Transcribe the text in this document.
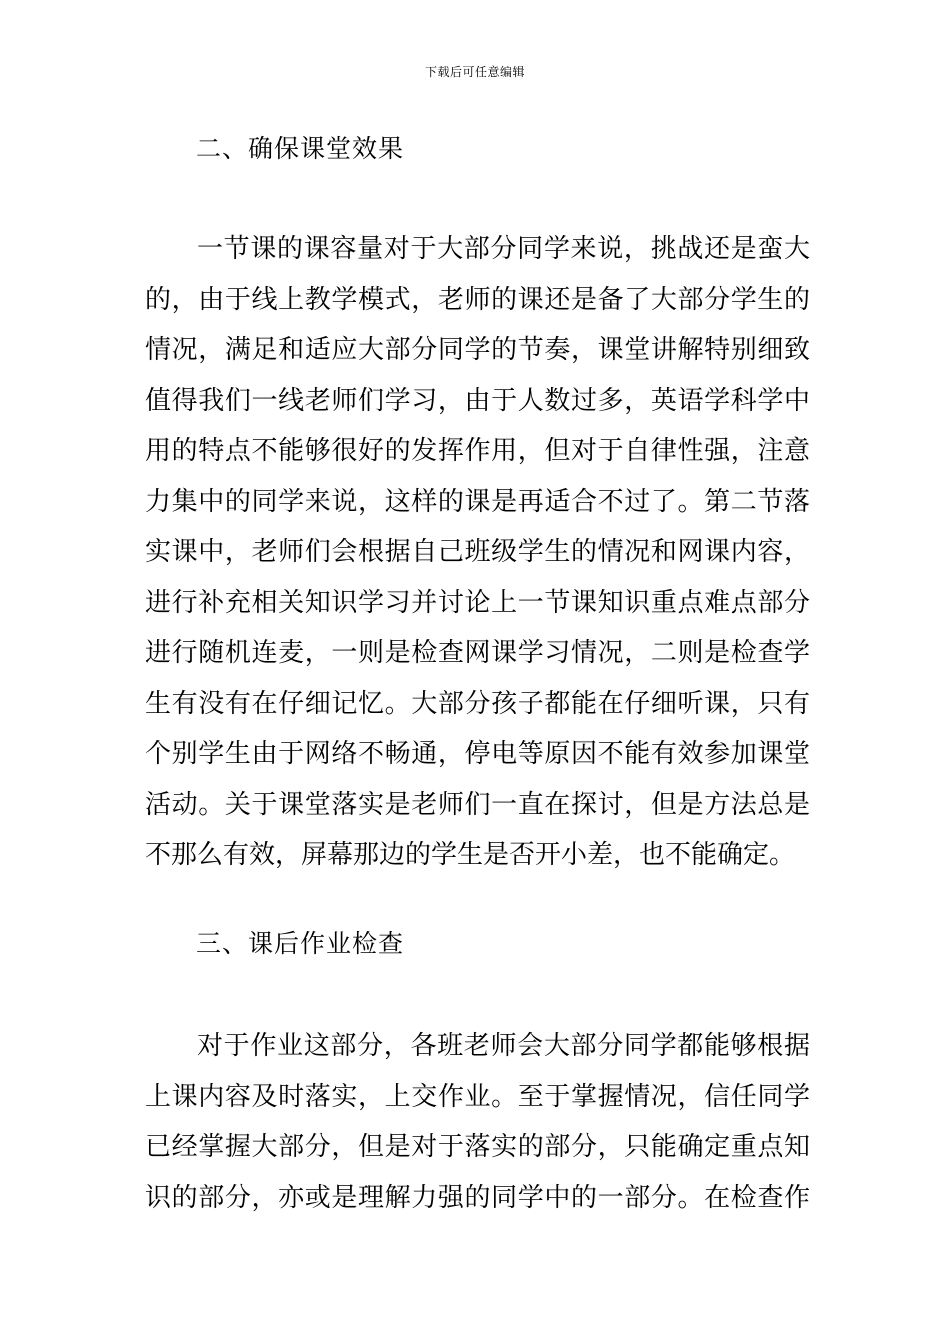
下载后可任意编辑
二、确保课堂效果
一节课的课容量对于大部分同学来说，挑战还是蛮大
的，由于线上教学模式，老师的课还是备了大部分学生的
情况，满足和适应大部分同学的节奏，课堂讲解特别细致
值得我们一线老师们学习，由于人数过多，英语学科学中
用的特点不能够很好的发挥作用，但对于自律性强，注意
力集中的同学来说，这样的课是再适合不过了。第二节落
实课中，老师们会根据自己班级学生的情况和网课内容，
进行补充相关知识学习并讨论上一节课知识重点难点部分
进行随机连麦，一则是检查网课学习情况，二则是检查学
生有没有在仔细记忆。大部分孩子都能在仔细听课，只有
个别学生由于网络不畅通，停电等原因不能有效参加课堂
活动。关于课堂落实是老师们一直在探讨，但是方法总是
不那么有效，屏幕那边的学生是否开小差，也不能确定。
三、课后作业检查
对于作业这部分，各班老师会大部分同学都能够根据
上课内容及时落实，上交作业。至于掌握情况，信任同学
已经掌握大部分，但是对于落实的部分，只能确定重点知
识的部分，亦或是理解力强的同学中的一部分。在检查作
